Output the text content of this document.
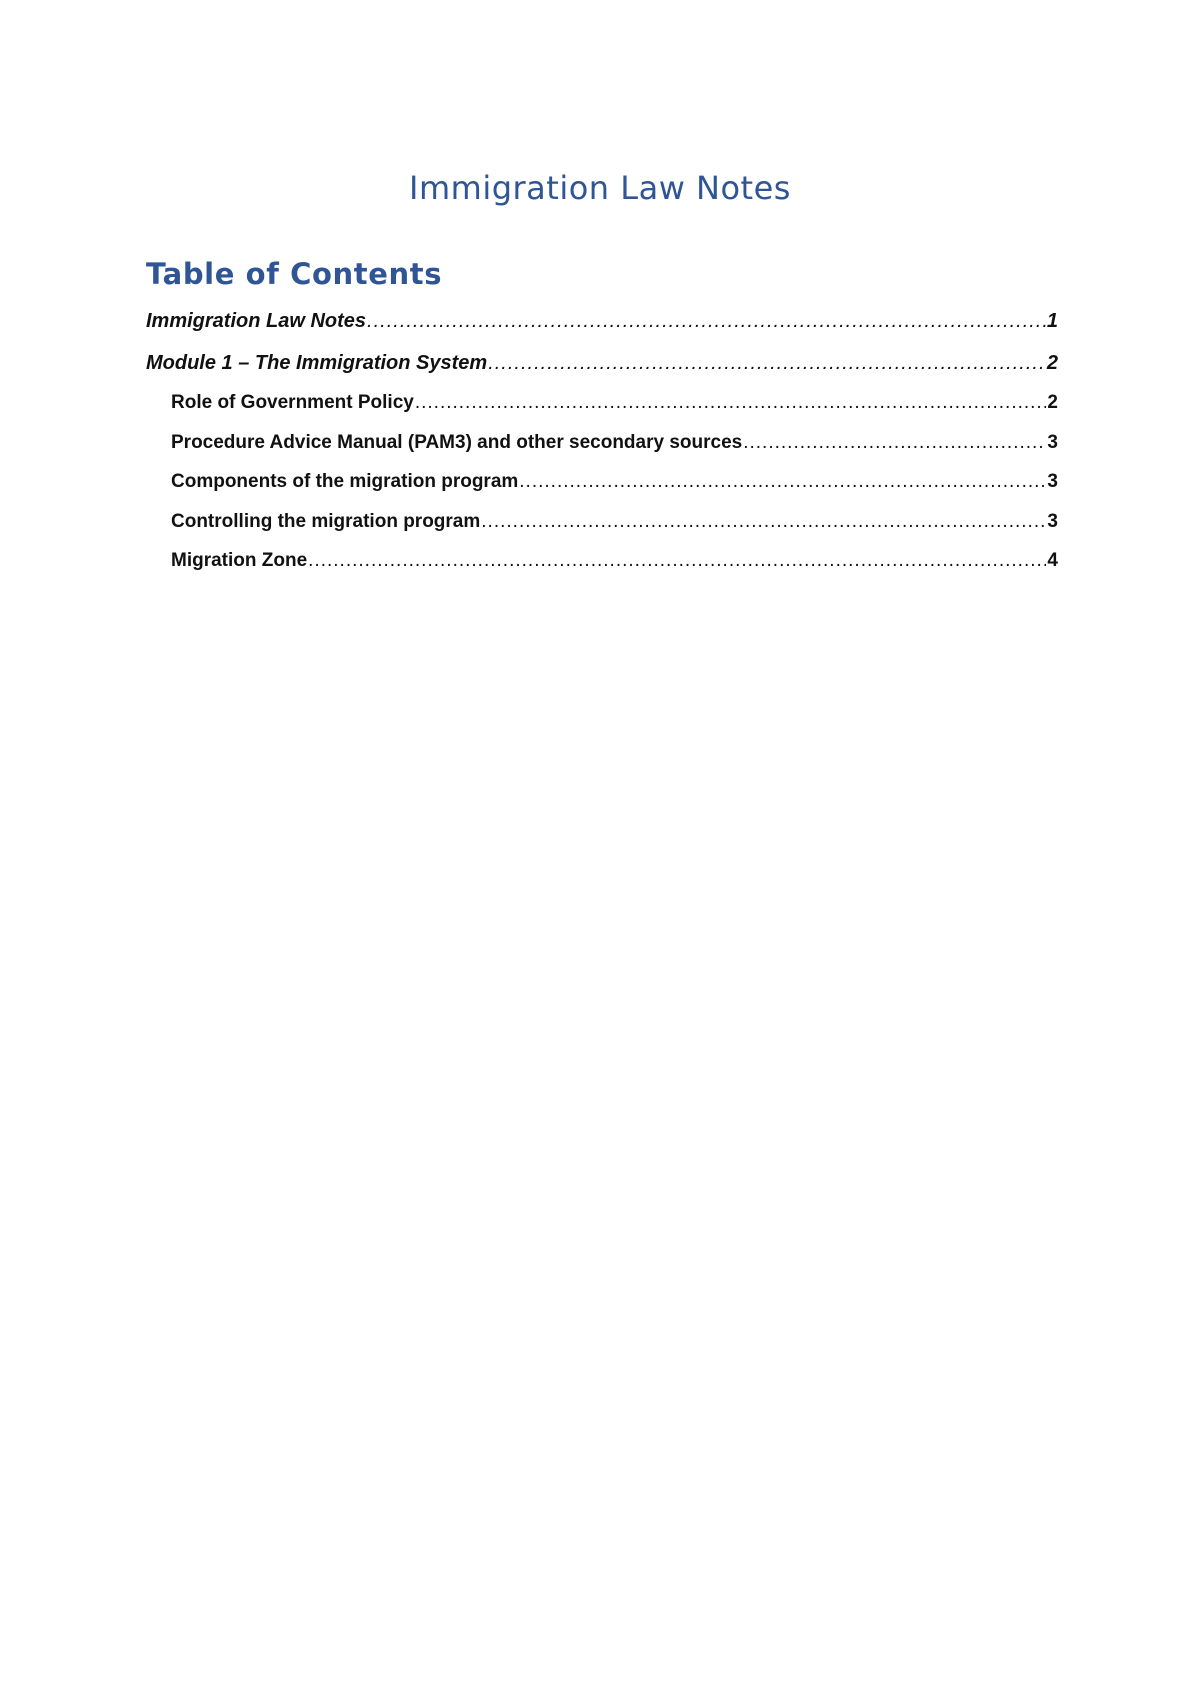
Immigration Law Notes
Table of Contents
Immigration Law Notes .....	1
Module 1 – The Immigration System .....	2
Role of Government Policy .....	2
Procedure Advice Manual (PAM3) and other secondary sources .....	3
Components of the migration program .....	3
Controlling the migration program .....	3
Migration Zone .....	4
